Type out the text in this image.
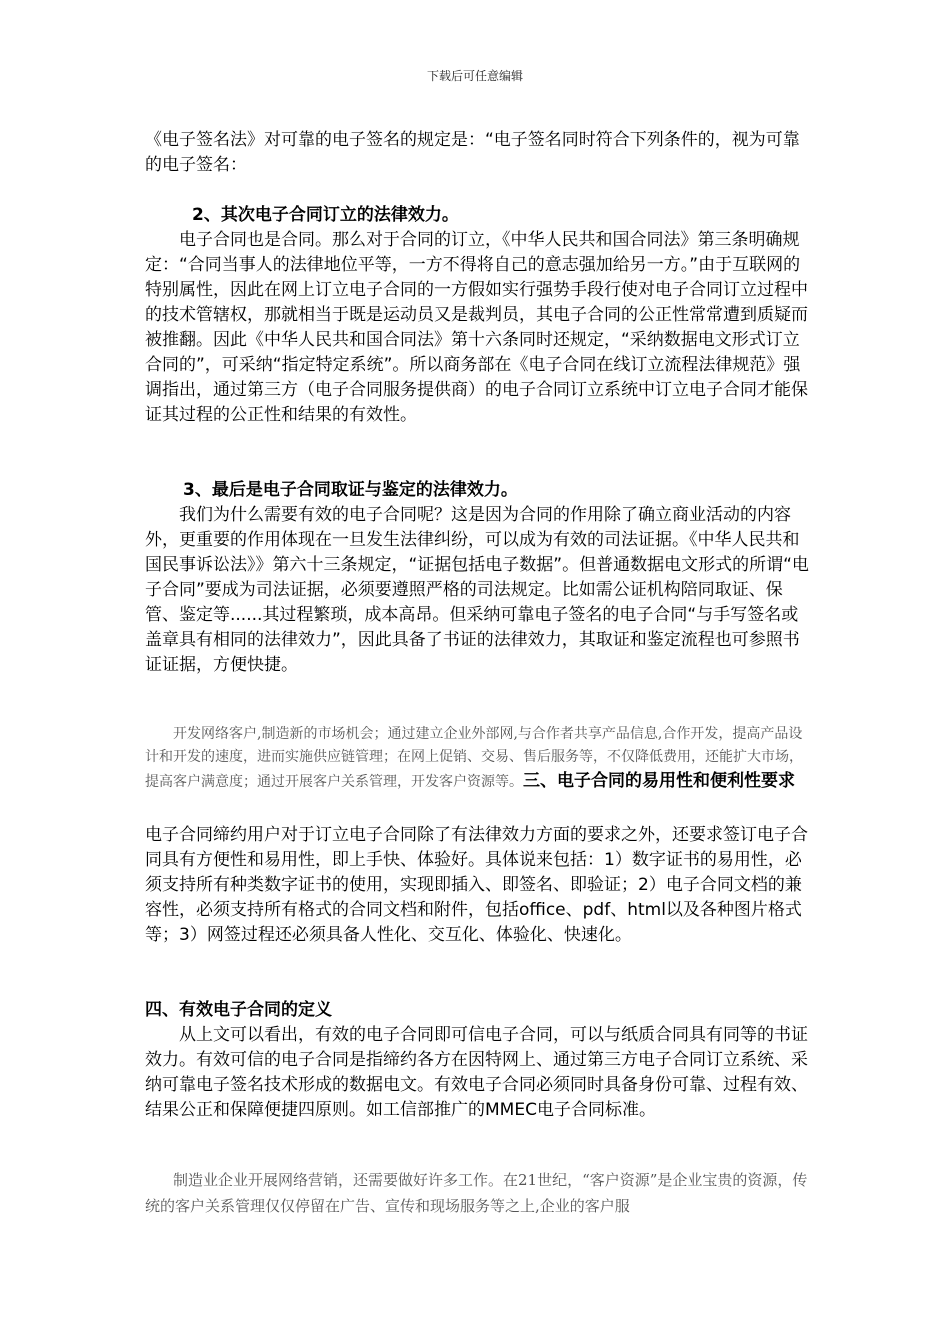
下载后可任意编辑

《电子签名法》对可靠的电子签名的规定是：“电子签名同时符合下列条件的，视为可靠的电子签名：

2、其次电子合同订立的法律效力。

电子合同也是合同。那么对于合同的订立，《中华人民共和国合同法》第三条明确规定：“合同当事人的法律地位平等，一方不得将自己的意志强加给另一方。”由于互联网的特别属性，因此在网上订立电子合同的一方假如实行强势手段行使对电子合同订立过程中的技术管辖权，那就相当于既是运动员又是裁判员，其电子合同的公正性常常遭到质疑而被推翻。因此《中华人民共和国合同法》第十六条同时还规定，“采纳数据电文形式订立合同的”，可采纳“指定特定系统”。所以商务部在《电子合同在线订立流程法律规范》强调指出，通过第三方（电子合同服务提供商）的电子合同订立系统中订立电子合同才能保证其过程的公正性和结果的有效性。

3、最后是电子合同取证与鉴定的法律效力。

我们为什么需要有效的电子合同呢？这是因为合同的作用除了确立商业活动的内容外，更重要的作用体现在一旦发生法律纠纷，可以成为有效的司法证据。《中华人民共和国民事诉讼法》》第六十三条规定，“证据包括电子数据”。但普通数据电文形式的所谓“电子合同”要成为司法证据，必须要遵照严格的司法规定。比如需公证机构陪同取证、保管、鉴定等......其过程繁琐，成本高昂。但采纳可靠电子签名的电子合同“与手写签名或盖章具有相同的法律效力”，因此具备了书证的法律效力，其取证和鉴定流程也可参照书证证据，方便快捷。

开发网络客户,制造新的市场机会；通过建立企业外部网,与合作者共享产品信息,合作开发，提高产品设计和开发的速度，进而实施供应链管理；在网上促销、交易、售后服务等，不仅降低费用，还能扩大市场，提高客户满意度；通过开展客户关系管理，开发客户资源等。三、电子合同的易用性和便利性要求

电子合同缔约用户对于订立电子合同除了有法律效力方面的要求之外，还要求签订电子合同具有方便性和易用性，即上手快、体验好。具体说来包括：1）数字证书的易用性，必须支持所有种类数字证书的使用，实现即插入、即签名、即验证；2）电子合同文档的兼容性，必须支持所有格式的合同文档和附件，包括office、pdf、html以及各种图片格式等；3）网签过程还必须具备人性化、交互化、体验化、快速化。

四、有效电子合同的定义

从上文可以看出，有效的电子合同即可信电子合同，可以与纸质合同具有同等的书证效力。有效可信的电子合同是指缔约各方在因特网上、通过第三方电子合同订立系统、采纳可靠电子签名技术形成的数据电文。有效电子合同必须同时具备身份可靠、过程有效、结果公正和保障便捷四原则。如工信部推广的MMEC电子合同标准。

制造业企业开展网络营销，还需要做好许多工作。在21世纪，“客户资源”是企业宝贵的资源，传统的客户关系管理仅仅停留在广告、宣传和现场服务等之上,企业的客户服
